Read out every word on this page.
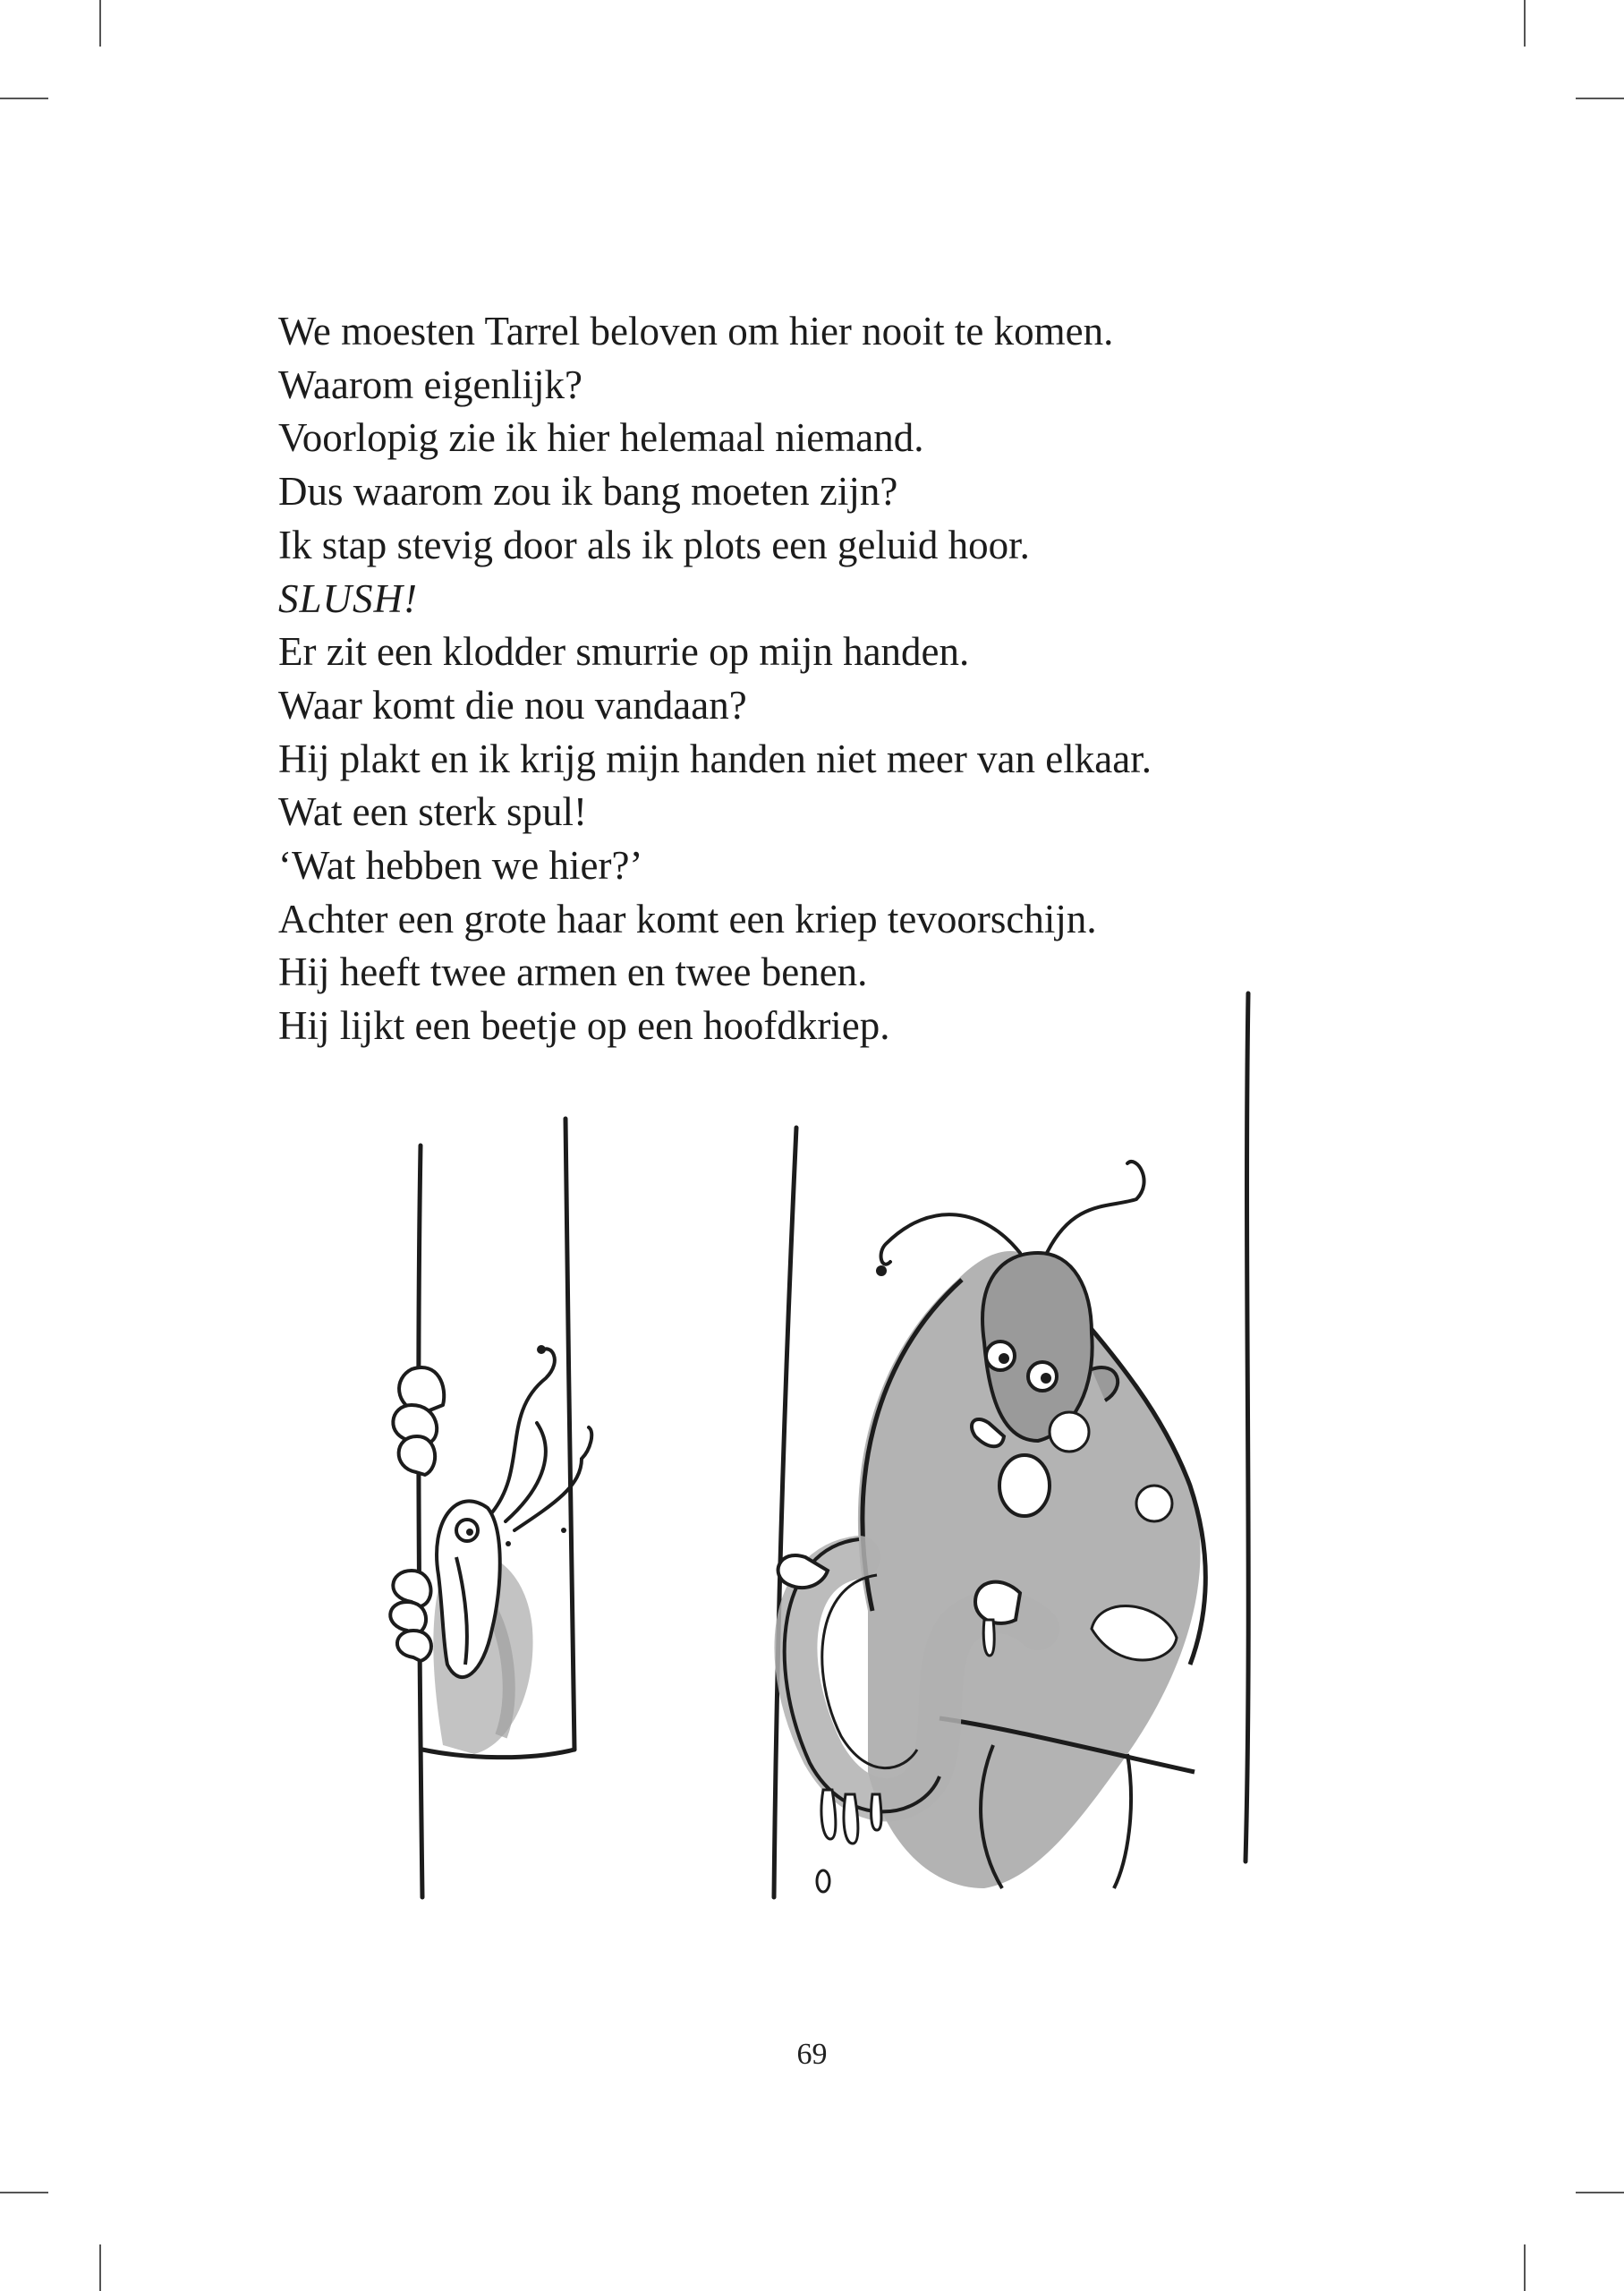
We moesten Tarrel beloven om hier nooit te komen.
Waarom eigenlijk?
Voorlopig zie ik hier helemaal niemand.
Dus waarom zou ik bang moeten zijn?
Ik stap stevig door als ik plots een geluid hoor.
SLUSH!
Er zit een klodder smurrie op mijn handen.
Waar komt die nou vandaan?
Hij plakt en ik krijg mijn handen niet meer van elkaar.
Wat een sterk spul!
‘Wat hebben we hier?’
Achter een grote haar komt een kriep tevoorschijn.
Hij heeft twee armen en twee benen.
Hij lijkt een beetje op een hoofdkriep.
69
